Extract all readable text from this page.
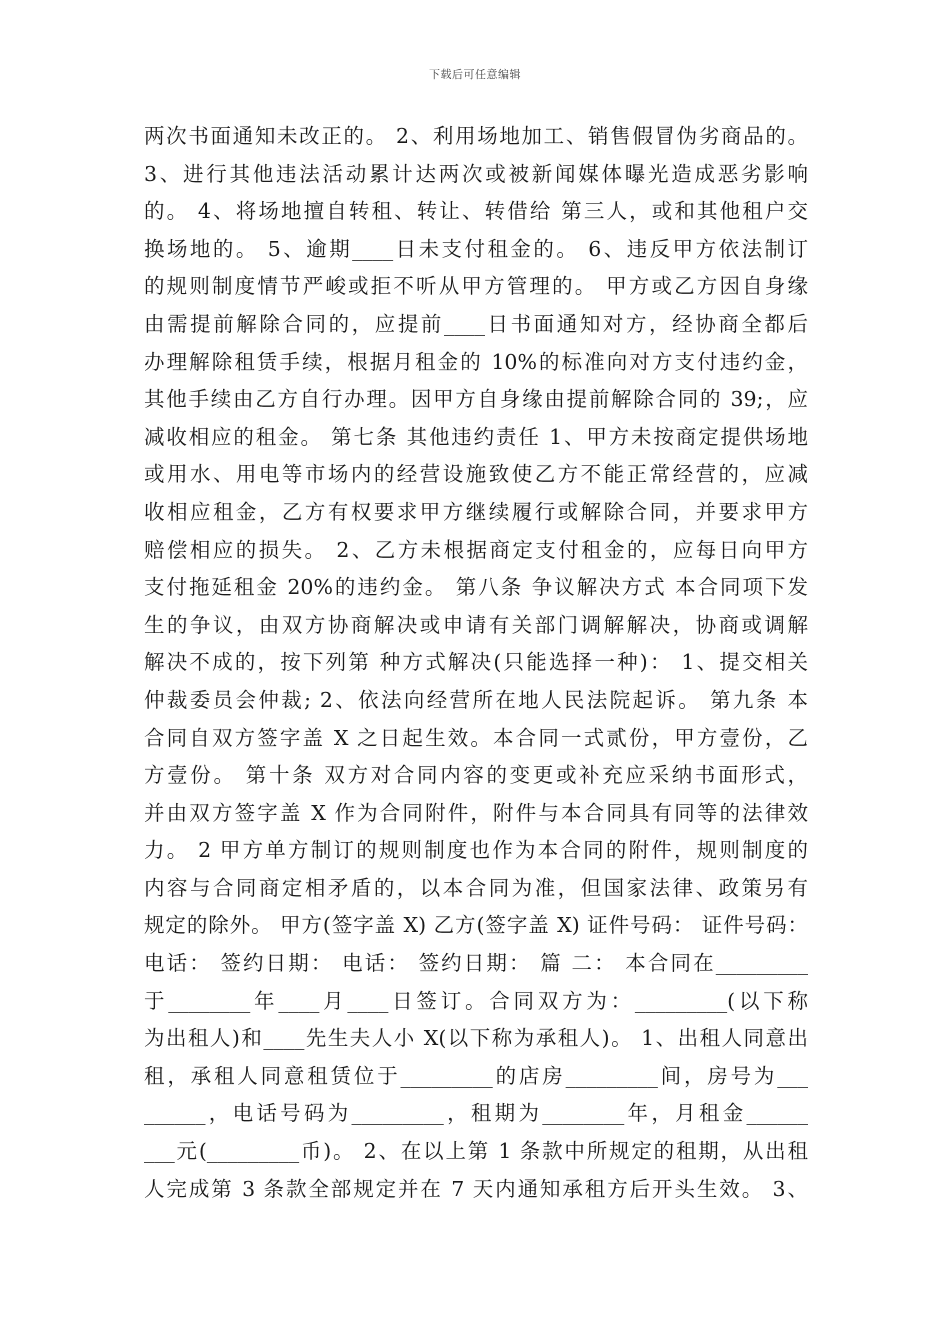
下载后可任意编辑
两次书面通知未改正的。 2、利用场地加工、销售假冒伪劣商品的。
3、进行其他违法活动累计达两次或被新闻媒体曝光造成恶劣影响
的。 4、将场地擅自转租、转让、转借给 第三人，或和其他租户交
换场地的。 5、逾期____日未支付租金的。 6、违反甲方依法制订
的规则制度情节严峻或拒不听从甲方管理的。 甲方或乙方因自身缘
由需提前解除合同的，应提前____日书面通知对方，经协商全都后
办理解除租赁手续，根据月租金的 10%的标准向对方支付违约金，
其他手续由乙方自行办理。因甲方自身缘由提前解除合同的 39;，应
减收相应的租金。 第七条 其他违约责任 1、甲方未按商定提供场地
或用水、用电等市场内的经营设施致使乙方不能正常经营的，应减
收相应租金，乙方有权要求甲方继续履行或解除合同，并要求甲方
赔偿相应的损失。 2、乙方未根据商定支付租金的，应每日向甲方
支付拖延租金 20%的违约金。 第八条 争议解决方式 本合同项下发
生的争议，由双方协商解决或申请有关部门调解解决，协商或调解
解决不成的，按下列第 种方式解决(只能选择一种)： 1、提交相关
仲裁委员会仲裁; 2、依法向经营所在地人民法院起诉。 第九条 本
合同自双方签字盖 X 之日起生效。本合同一式贰份，甲方壹份，乙
方壹份。 第十条 双方对合同内容的变更或补充应采纳书面形式，
并由双方签字盖 X 作为合同附件，附件与本合同具有同等的法律效
力。 2 甲方单方制订的规则制度也作为本合同的附件，规则制度的
内容与合同商定相矛盾的，以本合同为准，但国家法律、政策另有
规定的除外。 甲方(签字盖 X) 乙方(签字盖 X) 证件号码： 证件号码：
电话： 签约日期： 电话： 签约日期： 篇 二： 本合同在_________
于________年____月____日签订。合同双方为：_________(以下称
为出租人)和____先生夫人小 X(以下称为承租人)。 1、出租人同意出
租，承租人同意租赁位于_________的店房_________间，房号为___
______，电话号码为_________，租期为________年，月租金______
___元(_________币)。 2、在以上第 1 条款中所规定的租期，从出租
人完成第 3 条款全部规定并在 7 天内通知承租方后开头生效。 3、
